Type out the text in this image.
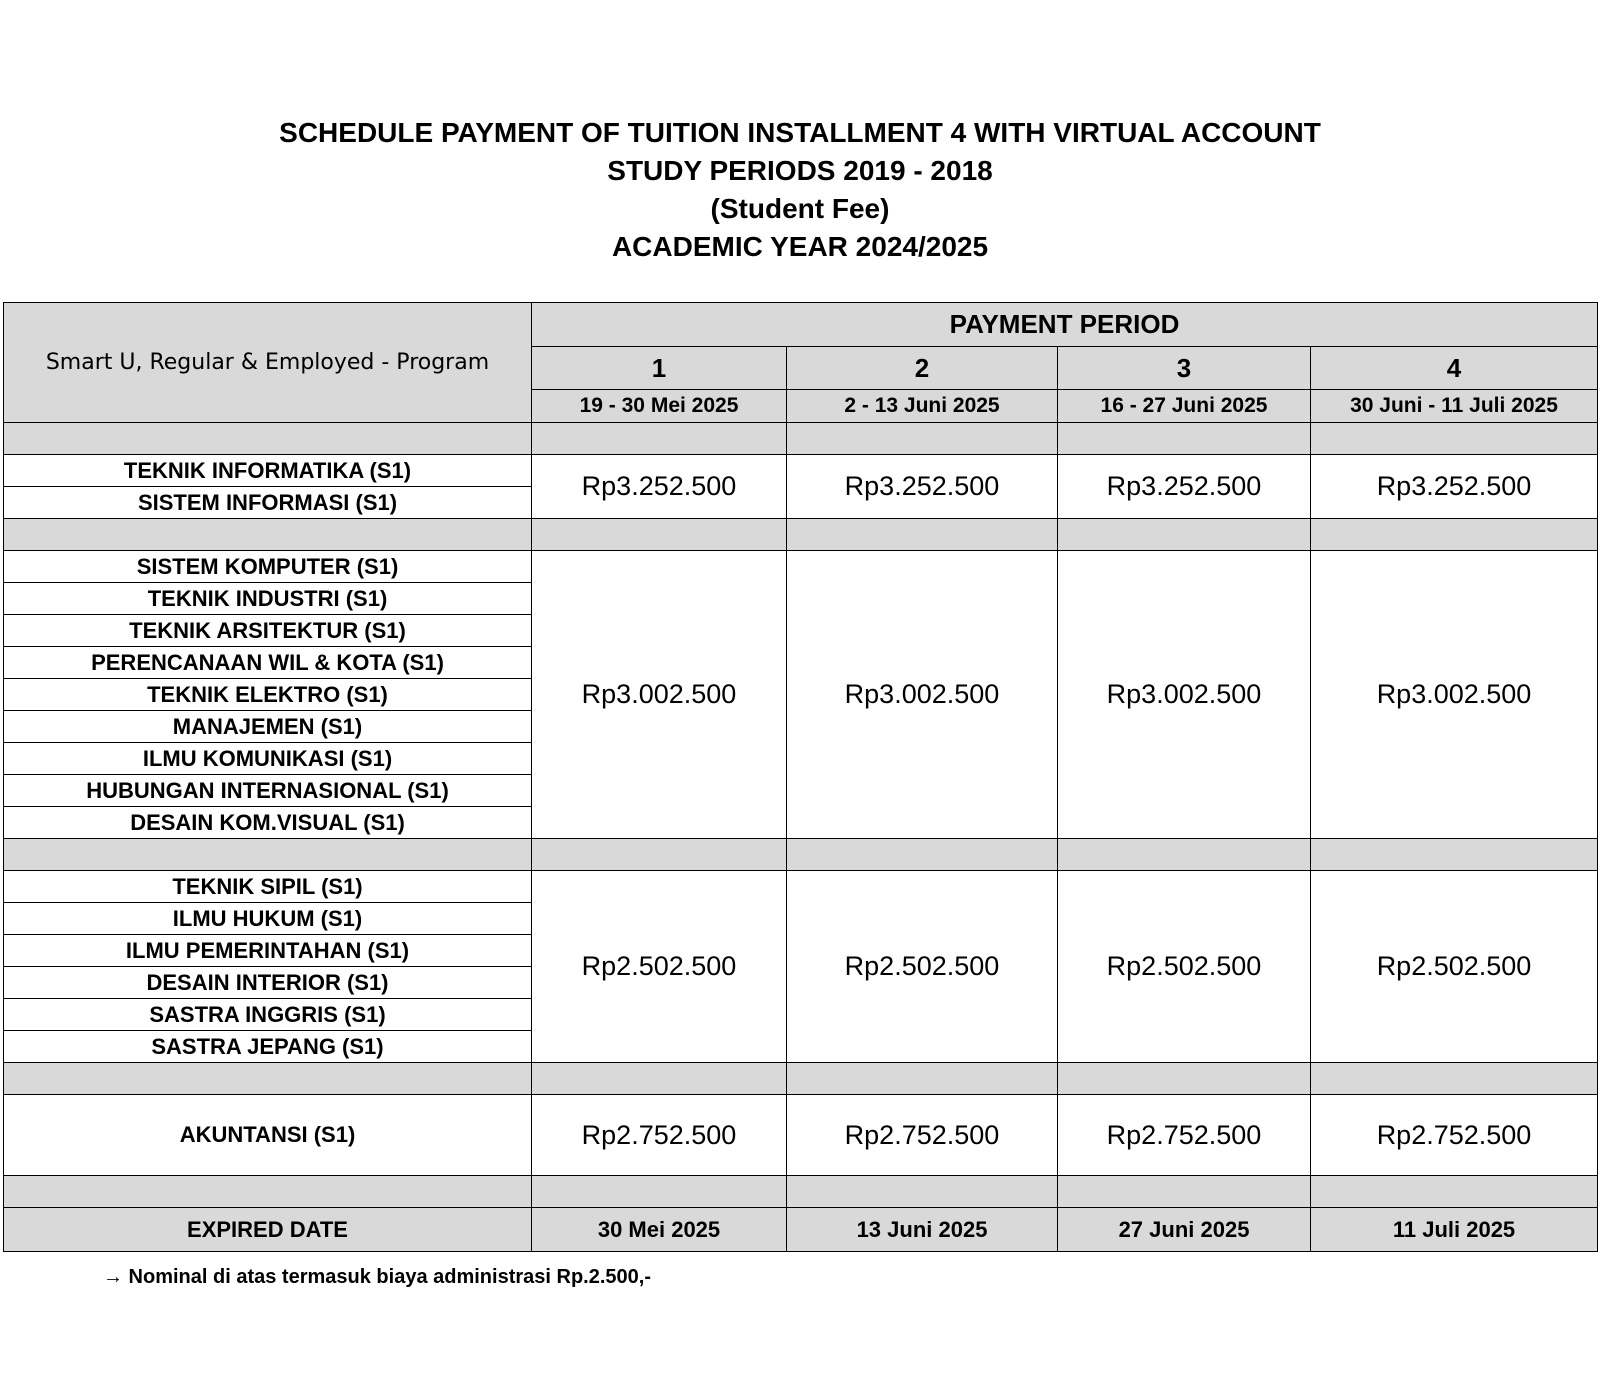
SCHEDULE PAYMENT OF TUITION INSTALLMENT 4 WITH VIRTUAL ACCOUNT
STUDY PERIODS 2019 - 2018
(Student Fee)
ACADEMIC YEAR 2024/2025
Smart U, Regular & Employed - Program	PAYMENT PERIOD			
	1	2	3	4
	19 - 30 Mei 2025	2 - 13 Juni 2025	16 - 27 Juni 2025	30 Juni - 11 Juli 2025

TEKNIK INFORMATIKA (S1)	Rp3.252.500	Rp3.252.500	Rp3.252.500	Rp3.252.500
SISTEM INFORMASI (S1)				

SISTEM KOMPUTER (S1)	Rp3.002.500	Rp3.002.500	Rp3.002.500	Rp3.002.500
TEKNIK INDUSTRI (S1)				
TEKNIK ARSITEKTUR (S1)				
PERENCANAAN WIL & KOTA (S1)				
TEKNIK ELEKTRO (S1)				
MANAJEMEN (S1)				
ILMU KOMUNIKASI (S1)				
HUBUNGAN INTERNASIONAL (S1)				
DESAIN KOM.VISUAL (S1)				

TEKNIK SIPIL (S1)	Rp2.502.500	Rp2.502.500	Rp2.502.500	Rp2.502.500
ILMU HUKUM (S1)				
ILMU PEMERINTAHAN (S1)				
DESAIN INTERIOR (S1)				
SASTRA INGGRIS (S1)				
SASTRA JEPANG (S1)				

AKUNTANSI (S1)	Rp2.752.500	Rp2.752.500	Rp2.752.500	Rp2.752.500

EXPIRED DATE	30 Mei 2025	13 Juni 2025	27 Juni 2025	11 Juli 2025
→ Nominal di atas termasuk biaya administrasi Rp.2.500,-
